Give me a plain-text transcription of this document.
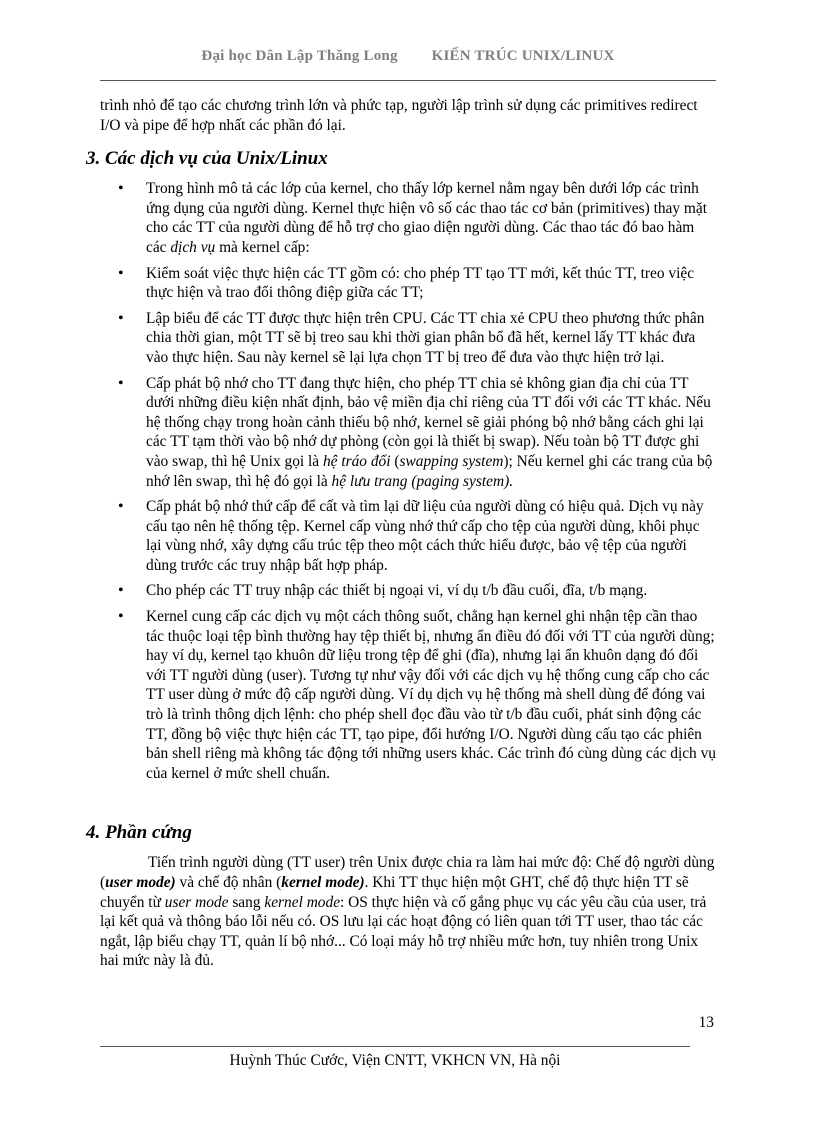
Đại học Dân Lập Thăng Long KIẾN TRÚC UNIX/LINUX

trình nhỏ để tạo các chương trình lớn và phức tạp, người lập trình sử dụng các primitives redirect I/O và pipe để hợp nhất các phần đó lại.

3. Các dịch vụ của Unix/Linux
• Trong hình mô tả các lớp của kernel, cho thấy lớp kernel nằm ngay bên dưới lớp các trình ứng dụng của người dùng. Kernel thực hiện vô số các thao tác cơ bản (primitives) thay mặt cho các TT của người dùng để hỗ trợ cho giao diện người dùng. Các thao tác đó bao hàm các dịch vụ mà kernel cấp:
• Kiểm soát việc thực hiện các TT gồm có: cho phép TT tạo TT mới, kết thúc TT, treo việc thực hiện và trao đổi thông điệp giữa các TT;
• Lập biểu để các TT được thực hiện trên CPU. Các TT chia xẻ CPU theo phương thức phân chia thời gian, một TT sẽ bị treo sau khi thời gian phân bổ đã hết, kernel lấy TT khác đưa vào thực hiện. Sau này kernel sẽ lại lựa chọn TT bị treo để đưa vào thực hiện trở lại.
• Cấp phát bộ nhớ cho TT đang thực hiện, cho phép TT chia sẻ không gian địa chỉ của TT dưới những điều kiện nhất định, bảo vệ miền địa chỉ riêng của TT đối với các TT khác. Nếu hệ thống chạy trong hoàn cảnh thiếu bộ nhớ, kernel sẽ giải phóng bộ nhớ bằng cách ghi lại các TT tạm thời vào bộ nhớ dự phòng (còn gọi là thiết bị swap). Nếu toàn bộ TT được ghi vào swap, thì hệ Unix gọi là hệ tráo đổi (swapping system); Nếu kernel ghi các trang của bộ nhớ lên swap, thì hệ đó gọi là hệ lưu trang (paging system).
• Cấp phát bộ nhớ thứ cấp để cất và tìm lại dữ liệu của người dùng có hiệu quả. Dịch vụ này cấu tạo nên hệ thống tệp. Kernel cấp vùng nhớ thứ cấp cho tệp của người dùng, khôi phục lại vùng nhớ, xây dựng cấu trúc tệp theo một cách thức hiểu được, bảo vệ tệp của người dùng trước các truy nhập bất hợp pháp.
• Cho phép các TT truy nhập các thiết bị ngoại vi, ví dụ t/b đầu cuối, đĩa, t/b mạng.
• Kernel cung cấp các dịch vụ một cách thông suốt, chẳng hạn kernel ghi nhận tệp cần thao tác thuộc loại tệp bình thường hay tệp thiết bị, nhưng ẩn điều đó đối với TT của người dùng; hay ví dụ, kernel tạo khuôn dữ liệu trong tệp để ghi (đĩa), nhưng lại ẩn khuôn dạng đó đối với TT người dùng (user). Tương tự như vậy đối với các dịch vụ hệ thống cung cấp cho các TT user dùng ở mức độ cấp người dùng. Ví dụ dịch vụ hệ thống mà shell dùng để đóng vai trò là trình thông dịch lệnh: cho phép shell đọc đầu vào từ t/b đầu cuối, phát sinh động các TT, đồng bộ việc thực hiện các TT, tạo pipe, đổi hướng I/O. Người dùng cấu tạo các phiên bản shell riêng mà không tác động tới những users khác. Các trình đó cùng dùng các dịch vụ của kernel ở mức shell chuẩn.
4. Phần cứng

Tiến trình người dùng (TT user) trên Unix được chia ra làm hai mức độ: Chế độ người dùng (user mode) và chế độ nhân (kernel mode). Khi TT thục hiện một GHT, chế độ thực hiện TT sẽ chuyển từ user mode sang kernel mode: OS thực hiện và cố gắng phục vụ các yêu cầu của user, trả lại kết quả và thông báo lỗi nếu có. OS lưu lại các hoạt động có liên quan tới TT user, thao tác các ngắt, lập biểu chạy TT, quản lí bộ nhớ... Có loại máy hỗ trợ nhiều mức hơn, tuy nhiên trong Unix hai mức này là đủ.

13
Huỳnh Thúc Cước, Viện CNTT, VKHCN VN, Hà nội
